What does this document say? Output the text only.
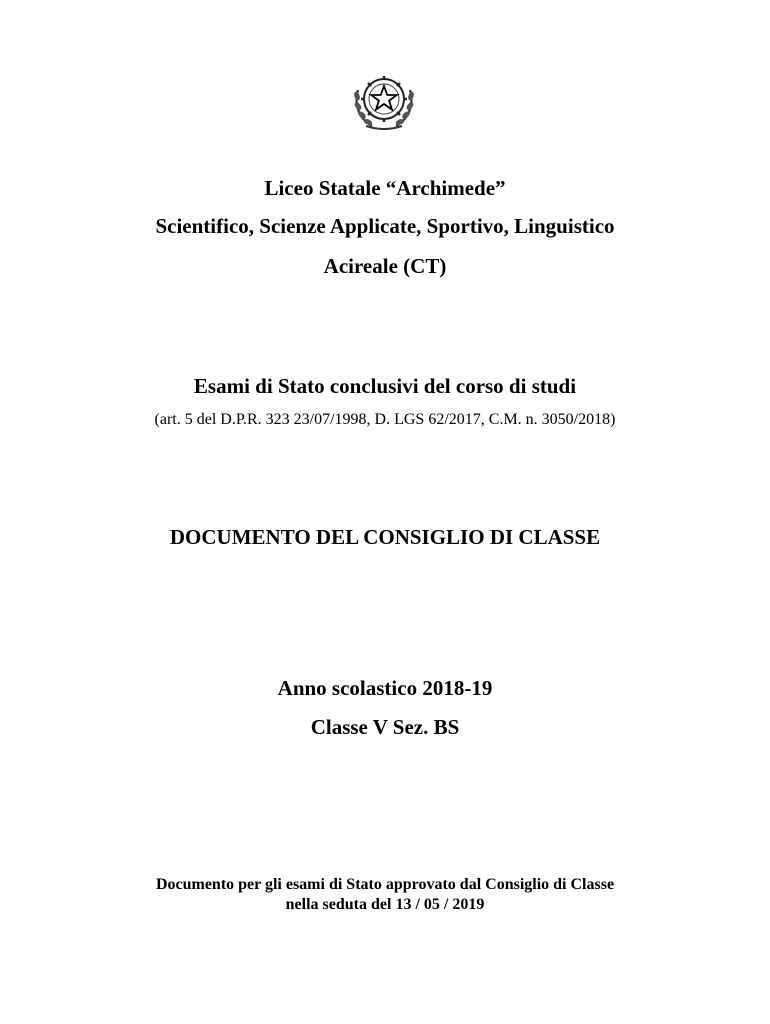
Liceo Statale “Archimede”
Scientifico, Scienze Applicate, Sportivo, Linguistico
Acireale (CT)
Esami di Stato conclusivi del corso di studi
(art. 5 del D.P.R. 323 23/07/1998, D. LGS 62/2017, C.M. n. 3050/2018)
DOCUMENTO DEL CONSIGLIO DI CLASSE
Anno scolastico 2018-19
Classe V Sez. BS
Documento per gli esami di Stato approvato dal Consiglio di Classe
nella seduta del 13 / 05 / 2019
